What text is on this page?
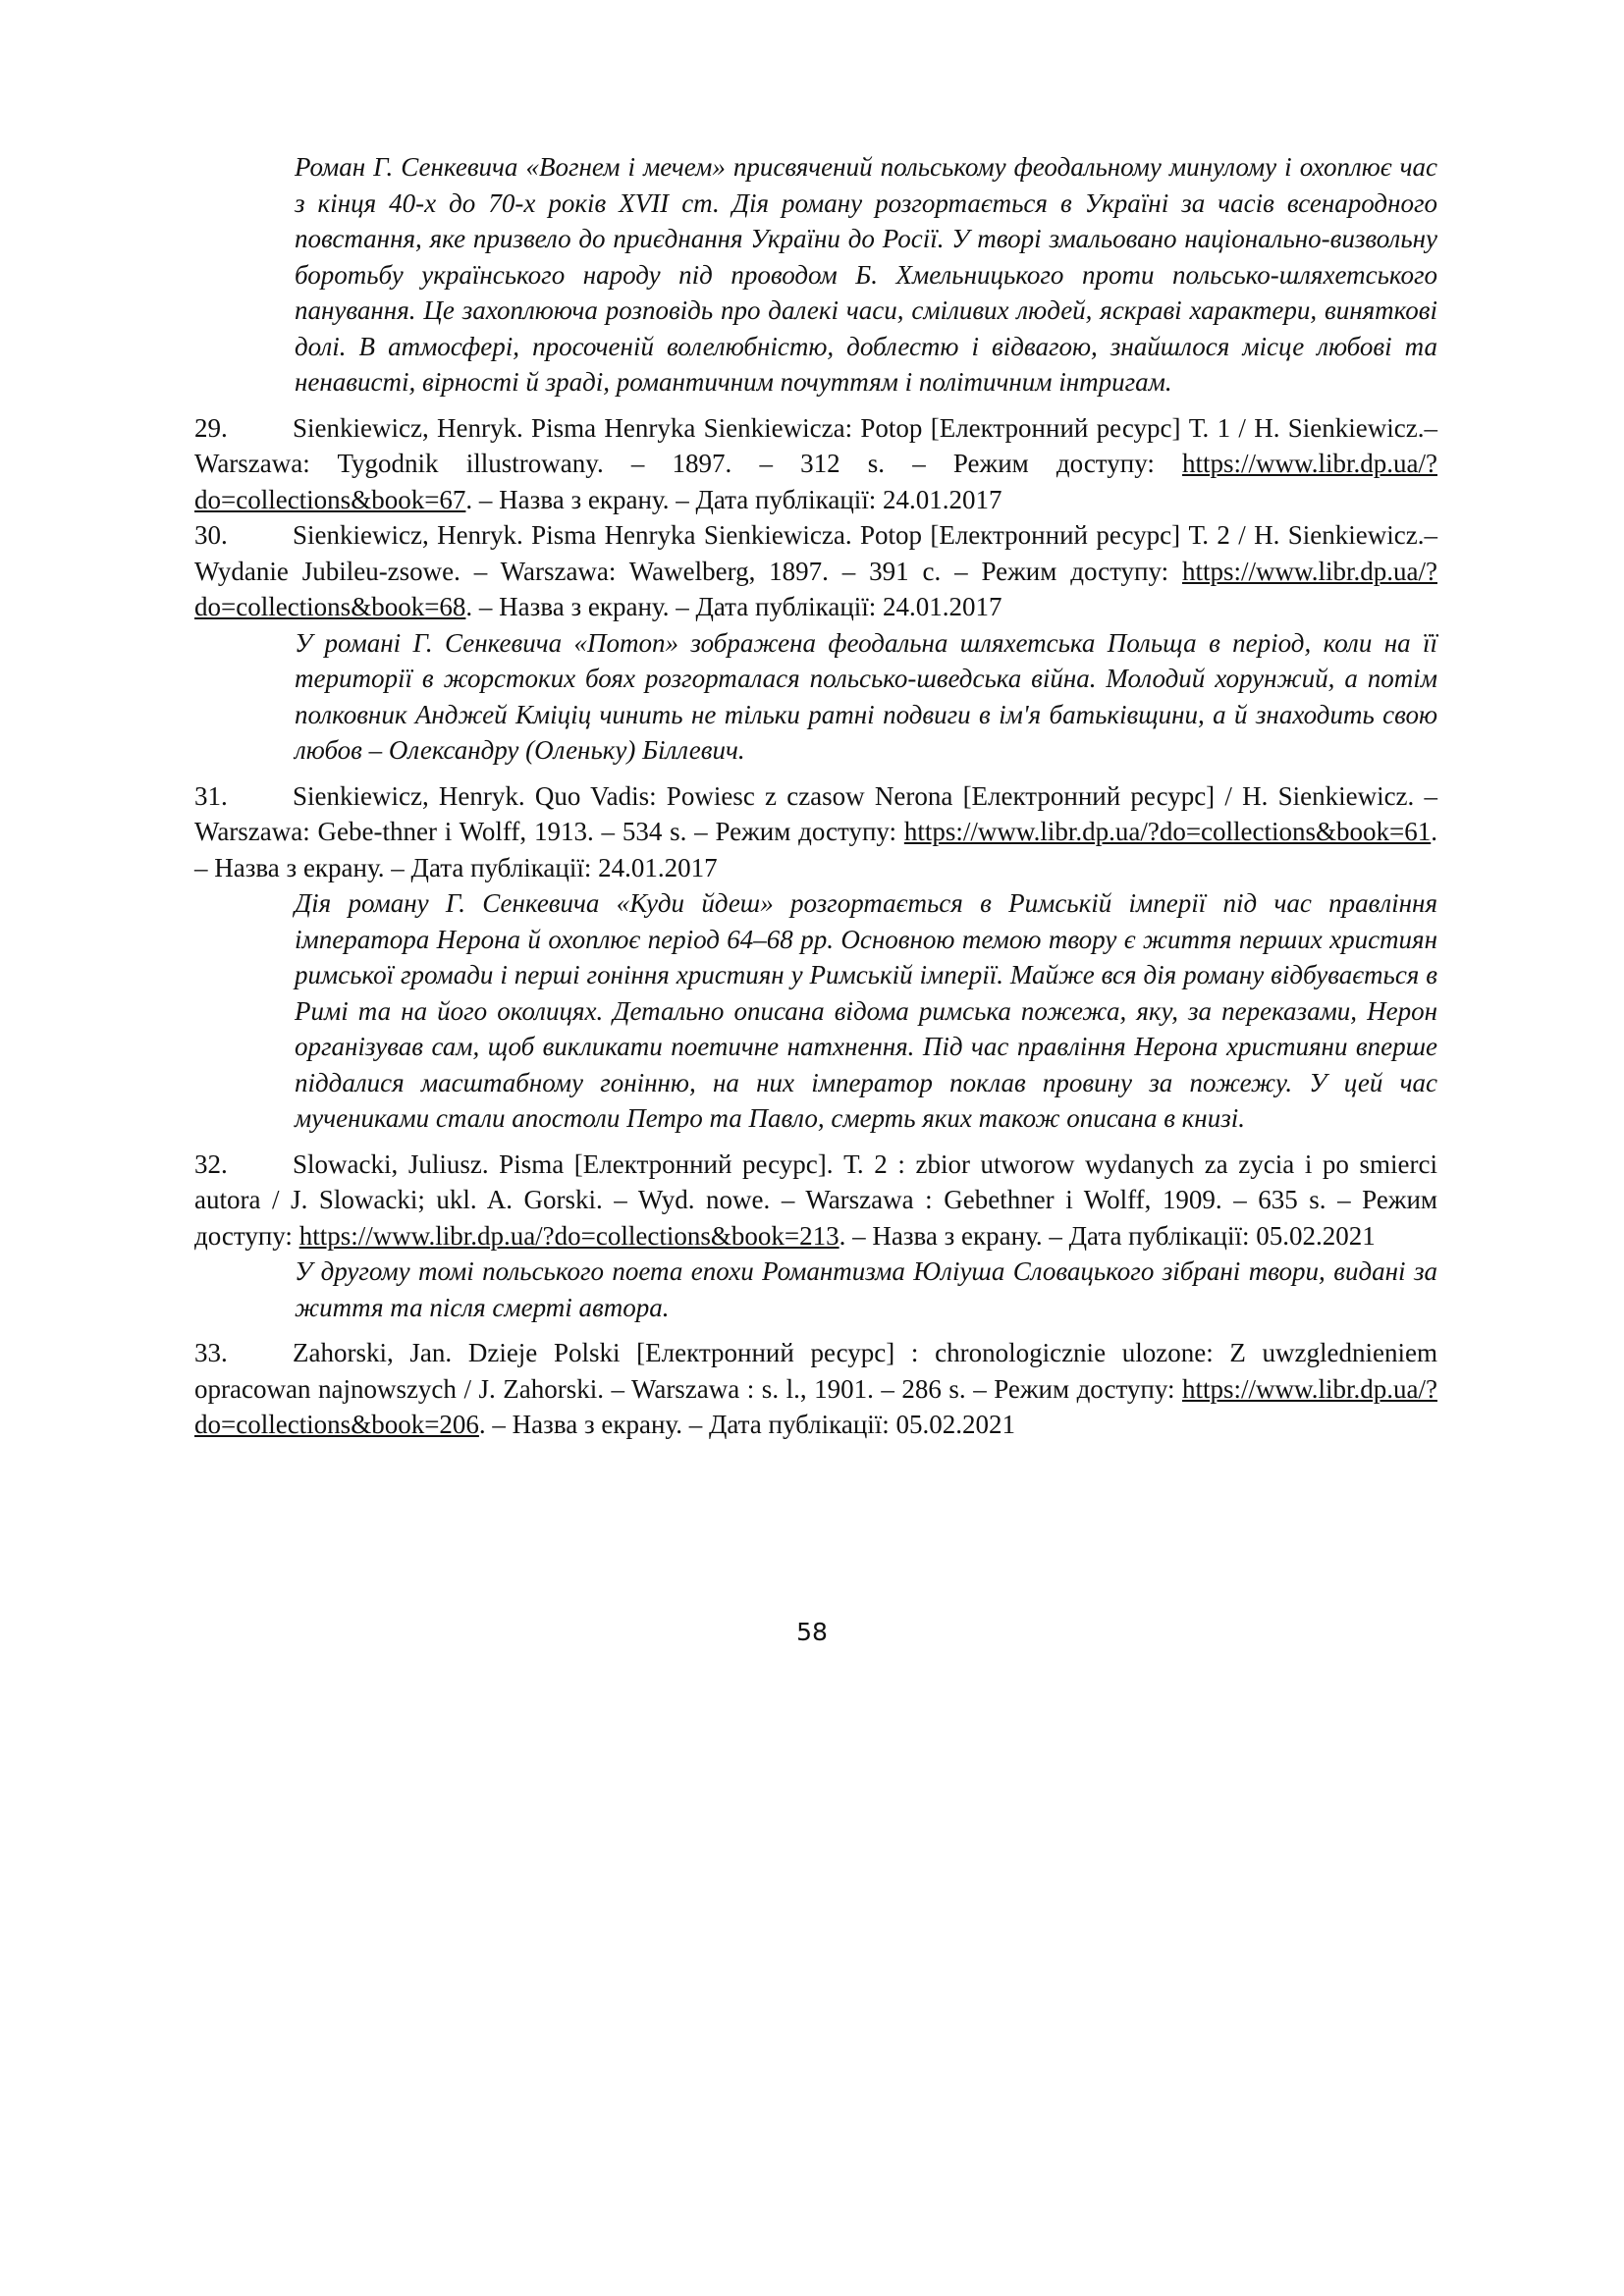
Роман Г. Сенкевича «Вогнем і мечем» присвячений польському феодальному минулому і охоплює час з кінця 40-х до 70-х років XVII ст. Дія роману розгортається в Україні за часів всенародного повстання, яке призвело до приєднання України до Росії. У творі змальовано національно-визвольну боротьбу українського народу під проводом Б. Хмельницького проти польсько-шляхетського панування. Це захоплююча розповідь про далекі часи, сміливих людей, яскраві характери, виняткові долі. В атмосфері, просоченій волелюбністю, доблестю і відвагою, знайшлося місце любові та ненависті, вірності й зраді, романтичним почуттям і політичним інтригам.

29. Sienkiewicz, Henryk. Pisma Henryka Sienkiewicza: Potop [Електронний ресурс] Т. 1 / H. Sienkiewicz.– Warszawa: Tygodnik illustrowany. – 1897. – 312 s. – Режим доступу: https://www.libr.dp.ua/?do=collections&book=67. – Назва з екрану. – Дата публікації: 24.01.2017

30. Sienkiewicz, Henryk. Pisma Henryka Sienkiewicza. Potop [Електронний ресурс] Т. 2 / H. Sienkiewicz.– Wydanie Jubileu-zsowe. – Warszawa: Wawelberg, 1897. – 391 с. – Режим доступу: https://www.libr.dp.ua/?do=collections&book=68. – Назва з екрану. – Дата публікації: 24.01.2017

У романі Г. Сенкевича «Потоп» зображена феодальна шляхетська Польща в період, коли на її території в жорстоких боях розгорталася польсько-шведська війна. Молодий хорунжий, а потім полковник Анджей Кміціц чинить не тільки ратні подвиги в ім'я батьківщини, а й знаходить свою любов – Олександру (Оленьку) Біллевич.

31. Sienkiewicz, Henryk. Quo Vadis: Powiesc z czasow Nerona [Електронний ресурс] / H. Sienkiewicz. – Warszawa: Gebe-thner i Wolff, 1913. – 534 s. – Режим доступу: https://www.libr.dp.ua/?do=collections&book=61. – Назва з екрану. – Дата публікації: 24.01.2017

Дія роману Г. Сенкевича «Куди йдеш» розгортається в Римській імперії під час правління імператора Нерона й охоплює період 64–68 рр. Основною темою твору є життя перших християн римської громади і перші гоніння християн у Римській імперії. Майже вся дія роману відбувається в Римі та на його околицях. Детально описана відома римська пожежа, яку, за переказами, Нерон організував сам, щоб викликати поетичне натхнення. Під час правління Нерона християни вперше піддалися масштабному гонінню, на них імператор поклав провину за пожежу. У цей час мучениками стали апостоли Петро та Павло, смерть яких також описана в книзі.

32. Slowacki, Juliusz. Pisma [Електронний ресурс]. Т. 2 : zbior utworow wydanych za zycia i po smierci autora / J. Slowacki; ukl. A. Gorski. – Wyd. nowe. – Warszawa : Gebethner i Wolff, 1909. – 635 s. – Режим доступу: https://www.libr.dp.ua/?do=collections&book=213. – Назва з екрану. – Дата публікації: 05.02.2021

У другому томі польського поета епохи Романтизма Юліуша Словацького зібрані твори, видані за життя та після смерті автора.

33. Zahorski, Jan. Dzieje Polski [Електронний ресурс] : chronologicznie ulozone: Z uwzglednieniem opracowan najnowszych / J. Zahorski. – Warszawa : s. l., 1901. – 286 s. – Режим доступу: https://www.libr.dp.ua/?do=collections&book=206. – Назва з екрану. – Дата публікації: 05.02.2021

58
